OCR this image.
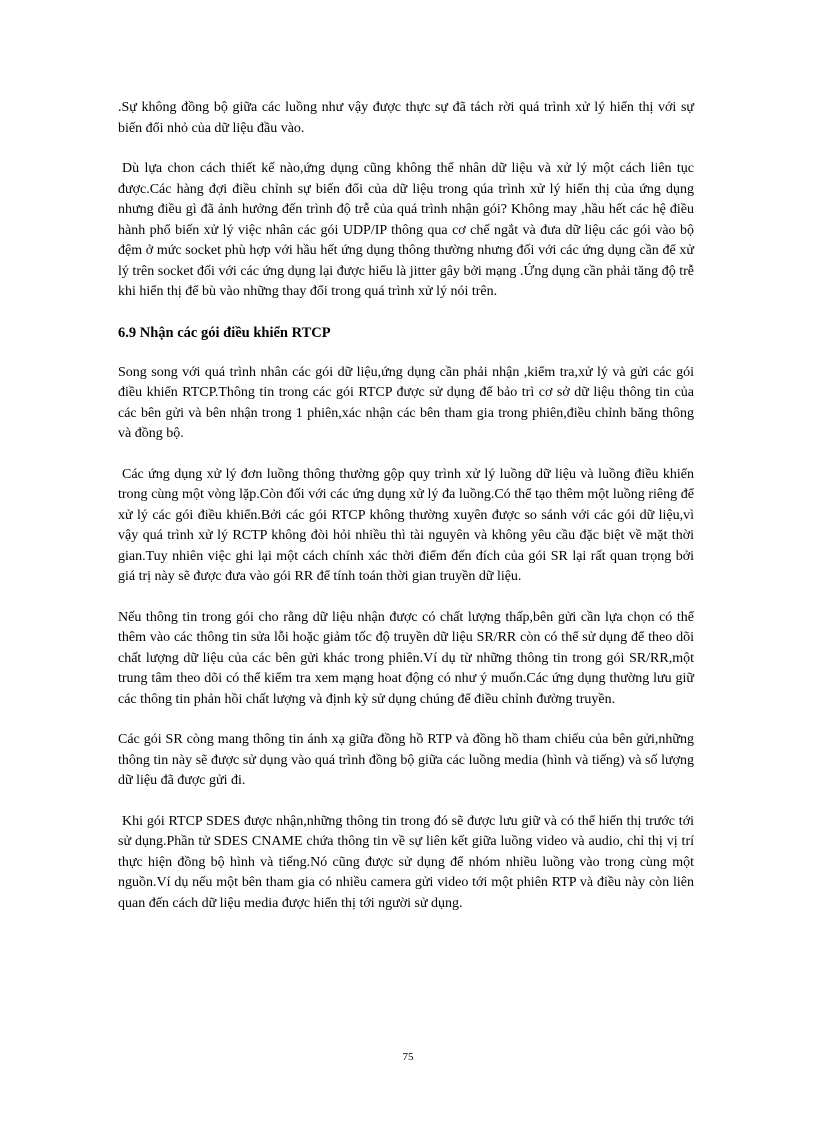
.Sự không đồng bộ giữa các luồng như vậy được thực sự đã tách rời quá trình xử lý hiển thị với sự biến đổi nhỏ của dữ liệu đầu vào.

Dù lựa chon cách thiết kế nào,ứng dụng cũng không thể nhân dữ liệu và xử lý một cách liên tục được.Các hàng đợi điều chỉnh sự biến đổi của dữ liệu trong qúa trình xử lý hiển thị của ứng dụng nhưng điều gì đã ảnh hưởng đến trình độ trễ của quá trình nhận gói? Không may ,hầu hết các hệ điều hành phổ biến xử lý việc nhân các gói UDP/IP thông qua cơ chế ngắt và đưa dữ liệu các gói vào bộ đệm ở mức socket phù hợp với hầu hết ứng dụng thông thường nhưng đối với các ứng dụng cần để xử lý trên socket đối với các ứng dụng lại được hiểu là jitter gây bởi mạng .Ứng dụng cần phải tăng độ trễ khi hiển thị để bù vào những thay đổi trong quá trình xử lý nói trên.

6.9 Nhận các gói điều khiển RTCP

Song song với quá trình nhân các gói dữ liệu,ứng dụng cần phải nhận ,kiểm tra,xử lý và gửi các gói điều khiển RTCP.Thông tin trong các gói RTCP được sử dụng để bảo trì cơ sở dữ liệu thông tin của các bên gửi và bên nhận trong 1 phiên,xác nhận các bên tham gia trong phiên,điều chỉnh băng thông và đồng bộ.

Các ứng dụng xử lý đơn luồng thông thường gộp quy trình xử lý luồng dữ liệu và luồng điều khiển trong cùng một vòng lặp.Còn đối với các ứng dụng xử lý đa luồng.Có thể tạo thêm một luồng riêng để xử lý các gói điều khiển.Bởi các gói RTCP không thường xuyên được so sánh với các gói dữ liệu,vì vậy quá trình xử lý RCTP không đòi hỏi nhiều thì tài nguyên và không yêu cầu đặc biệt về mặt thời gian.Tuy nhiên việc ghi lại một cách chính xác thời điểm đến đích của gói SR lại rất quan trọng bởi giá trị này sẽ được đưa vào gói RR để tính toán thời gian truyền dữ liệu.

Nếu thông tin trong gói cho rằng dữ liệu nhận được có chất lượng thấp,bên gửi cần lựa chọn có thể thêm vào các thông tin sửa lỗi hoặc giảm tốc độ truyền dữ liệu SR/RR còn có thể sử dụng để theo dõi chất lượng dữ liệu của các bên gửi khác trong phiên.Ví dụ từ những thông tin trong gói SR/RR,một trung tâm theo dõi có thể kiểm tra xem mạng hoat động có như ý muốn.Các ứng dụng thường lưu giữ các thông tin phản hồi chất lượng và định kỳ sử dụng chúng để điều chỉnh đường truyền.

Các gói SR còng mang thông tin ánh xạ giữa đồng hồ RTP và đồng hồ tham chiếu của bên gửi,những thông tin này sẽ được sử dụng vào quá trình đồng bộ giữa các luồng media (hình và tiếng) và số lượng dữ liệu đã được gửi đi.

Khi gói RTCP SDES được nhận,những thông tin trong đó sẽ được lưu giữ và có thể hiển thị trước tới sử dụng.Phần tử SDES CNAME chứa thông tin về sự liên kết giữa luồng video và audio, chỉ thị vị trí thực hiện đồng bộ hình và tiếng.Nó cũng được sử dụng để nhóm nhiều luồng vào trong cùng một nguồn.Ví dụ nếu một bên tham gia có nhiều camera gửi video tới một phiên RTP và điều này còn liên quan đến cách dữ liệu media được hiển thị tới người sử dụng.

75
